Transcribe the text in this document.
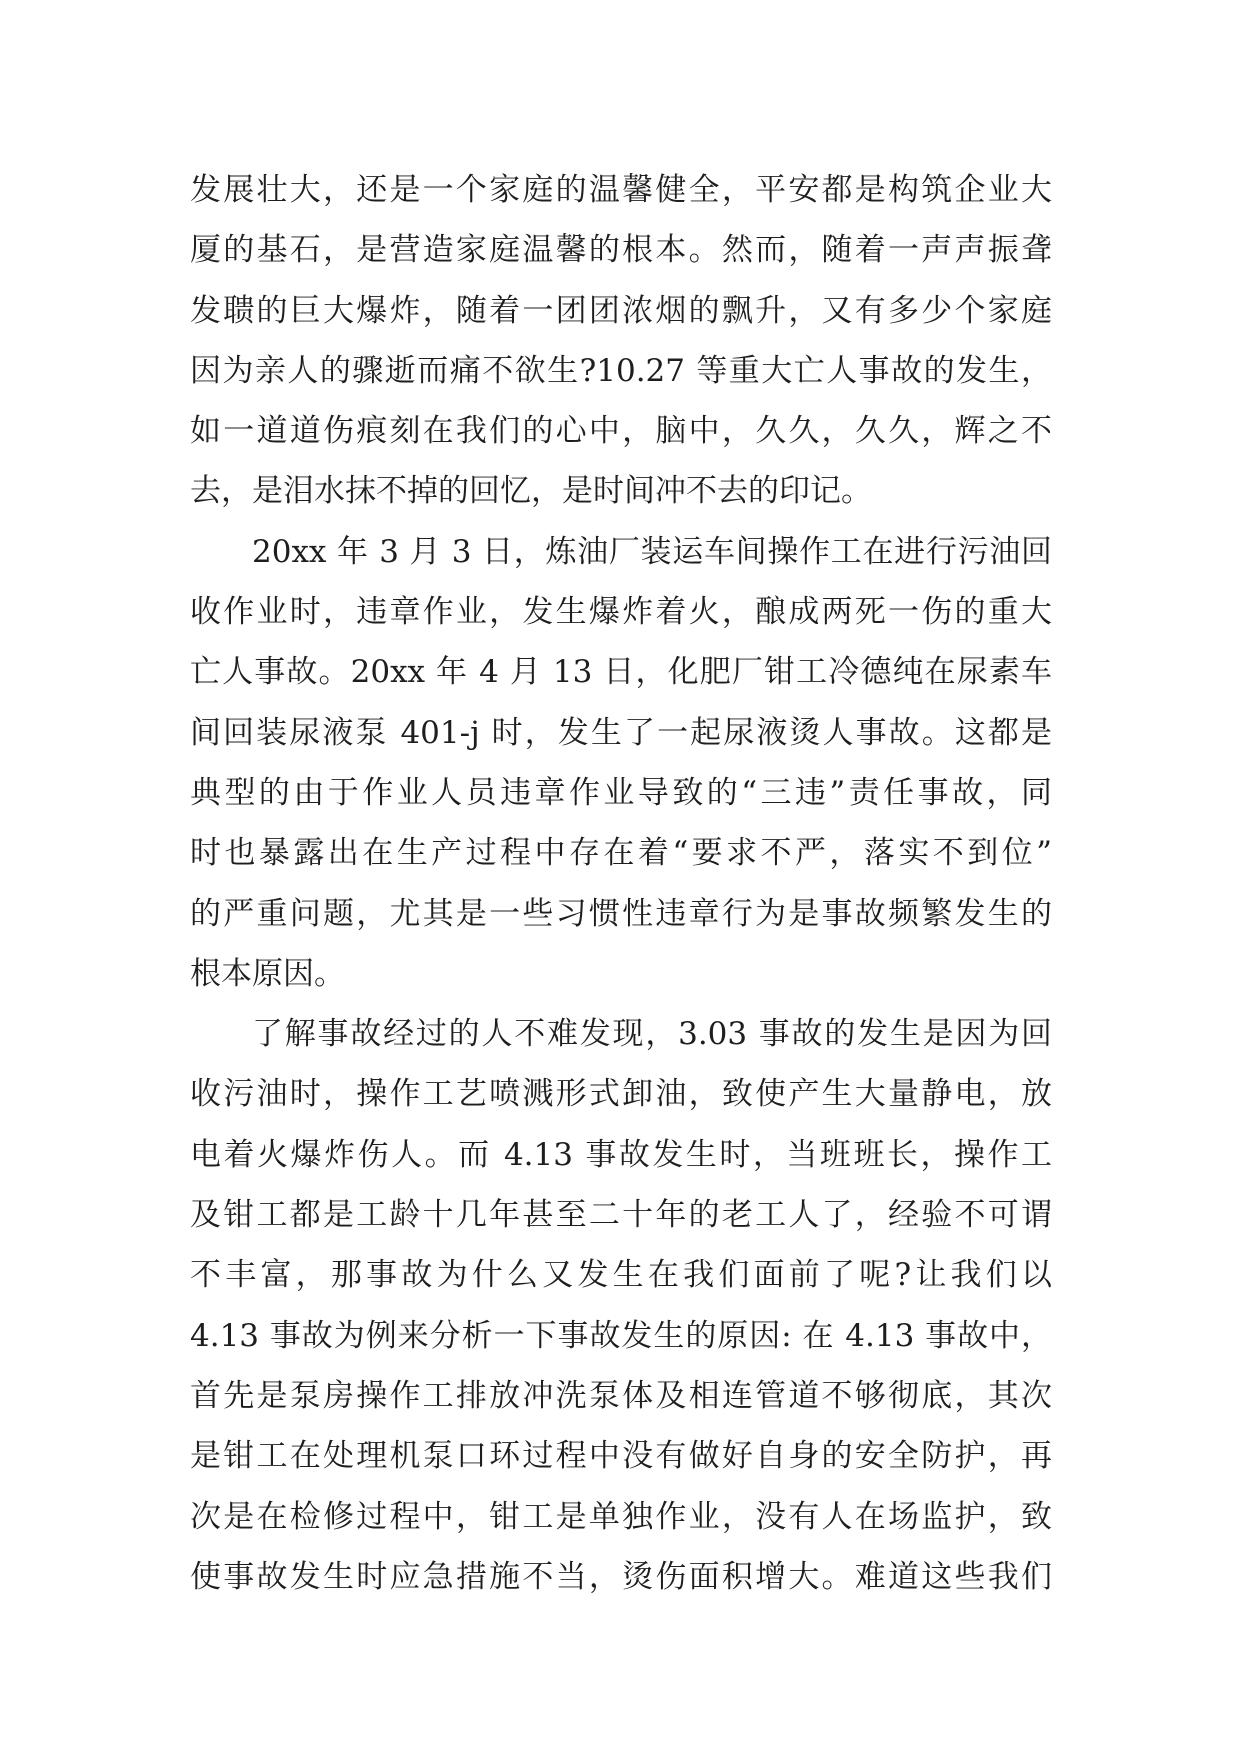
发展壮大，还是一个家庭的温馨健全，平安都是构筑企业大
厦的基石，是营造家庭温馨的根本。然而，随着一声声振聋
发聩的巨大爆炸，随着一团团浓烟的飘升，又有多少个家庭
因为亲人的骤逝而痛不欲生?10.27 等重大亡人事故的发生，
如一道道伤痕刻在我们的心中，脑中，久久，久久，辉之不
去，是泪水抹不掉的回忆，是时间冲不去的印记。
20xx 年 3 月 3 日，炼油厂装运车间操作工在进行污油回
收作业时，违章作业，发生爆炸着火，酿成两死一伤的重大
亡人事故。20xx 年 4 月 13 日，化肥厂钳工冷德纯在尿素车
间回装尿液泵 401-j 时，发生了一起尿液烫人事故。这都是
典型的由于作业人员违章作业导致的“三违”责任事故，同
时也暴露出在生产过程中存在着“要求不严，落实不到位”
的严重问题，尤其是一些习惯性违章行为是事故频繁发生的
根本原因。
了解事故经过的人不难发现，3.03 事故的发生是因为回
收污油时，操作工艺喷溅形式卸油，致使产生大量静电，放
电着火爆炸伤人。而 4.13 事故发生时，当班班长，操作工
及钳工都是工龄十几年甚至二十年的老工人了，经验不可谓
不丰富，那事故为什么又发生在我们面前了呢?让我们以
4.13 事故为例来分析一下事故发生的原因: 在 4.13 事故中，
首先是泵房操作工排放冲洗泵体及相连管道不够彻底，其次
是钳工在处理机泵口环过程中没有做好自身的安全防护，再
次是在检修过程中，钳工是单独作业，没有人在场监护，致
使事故发生时应急措施不当，烫伤面积增大。难道这些我们
